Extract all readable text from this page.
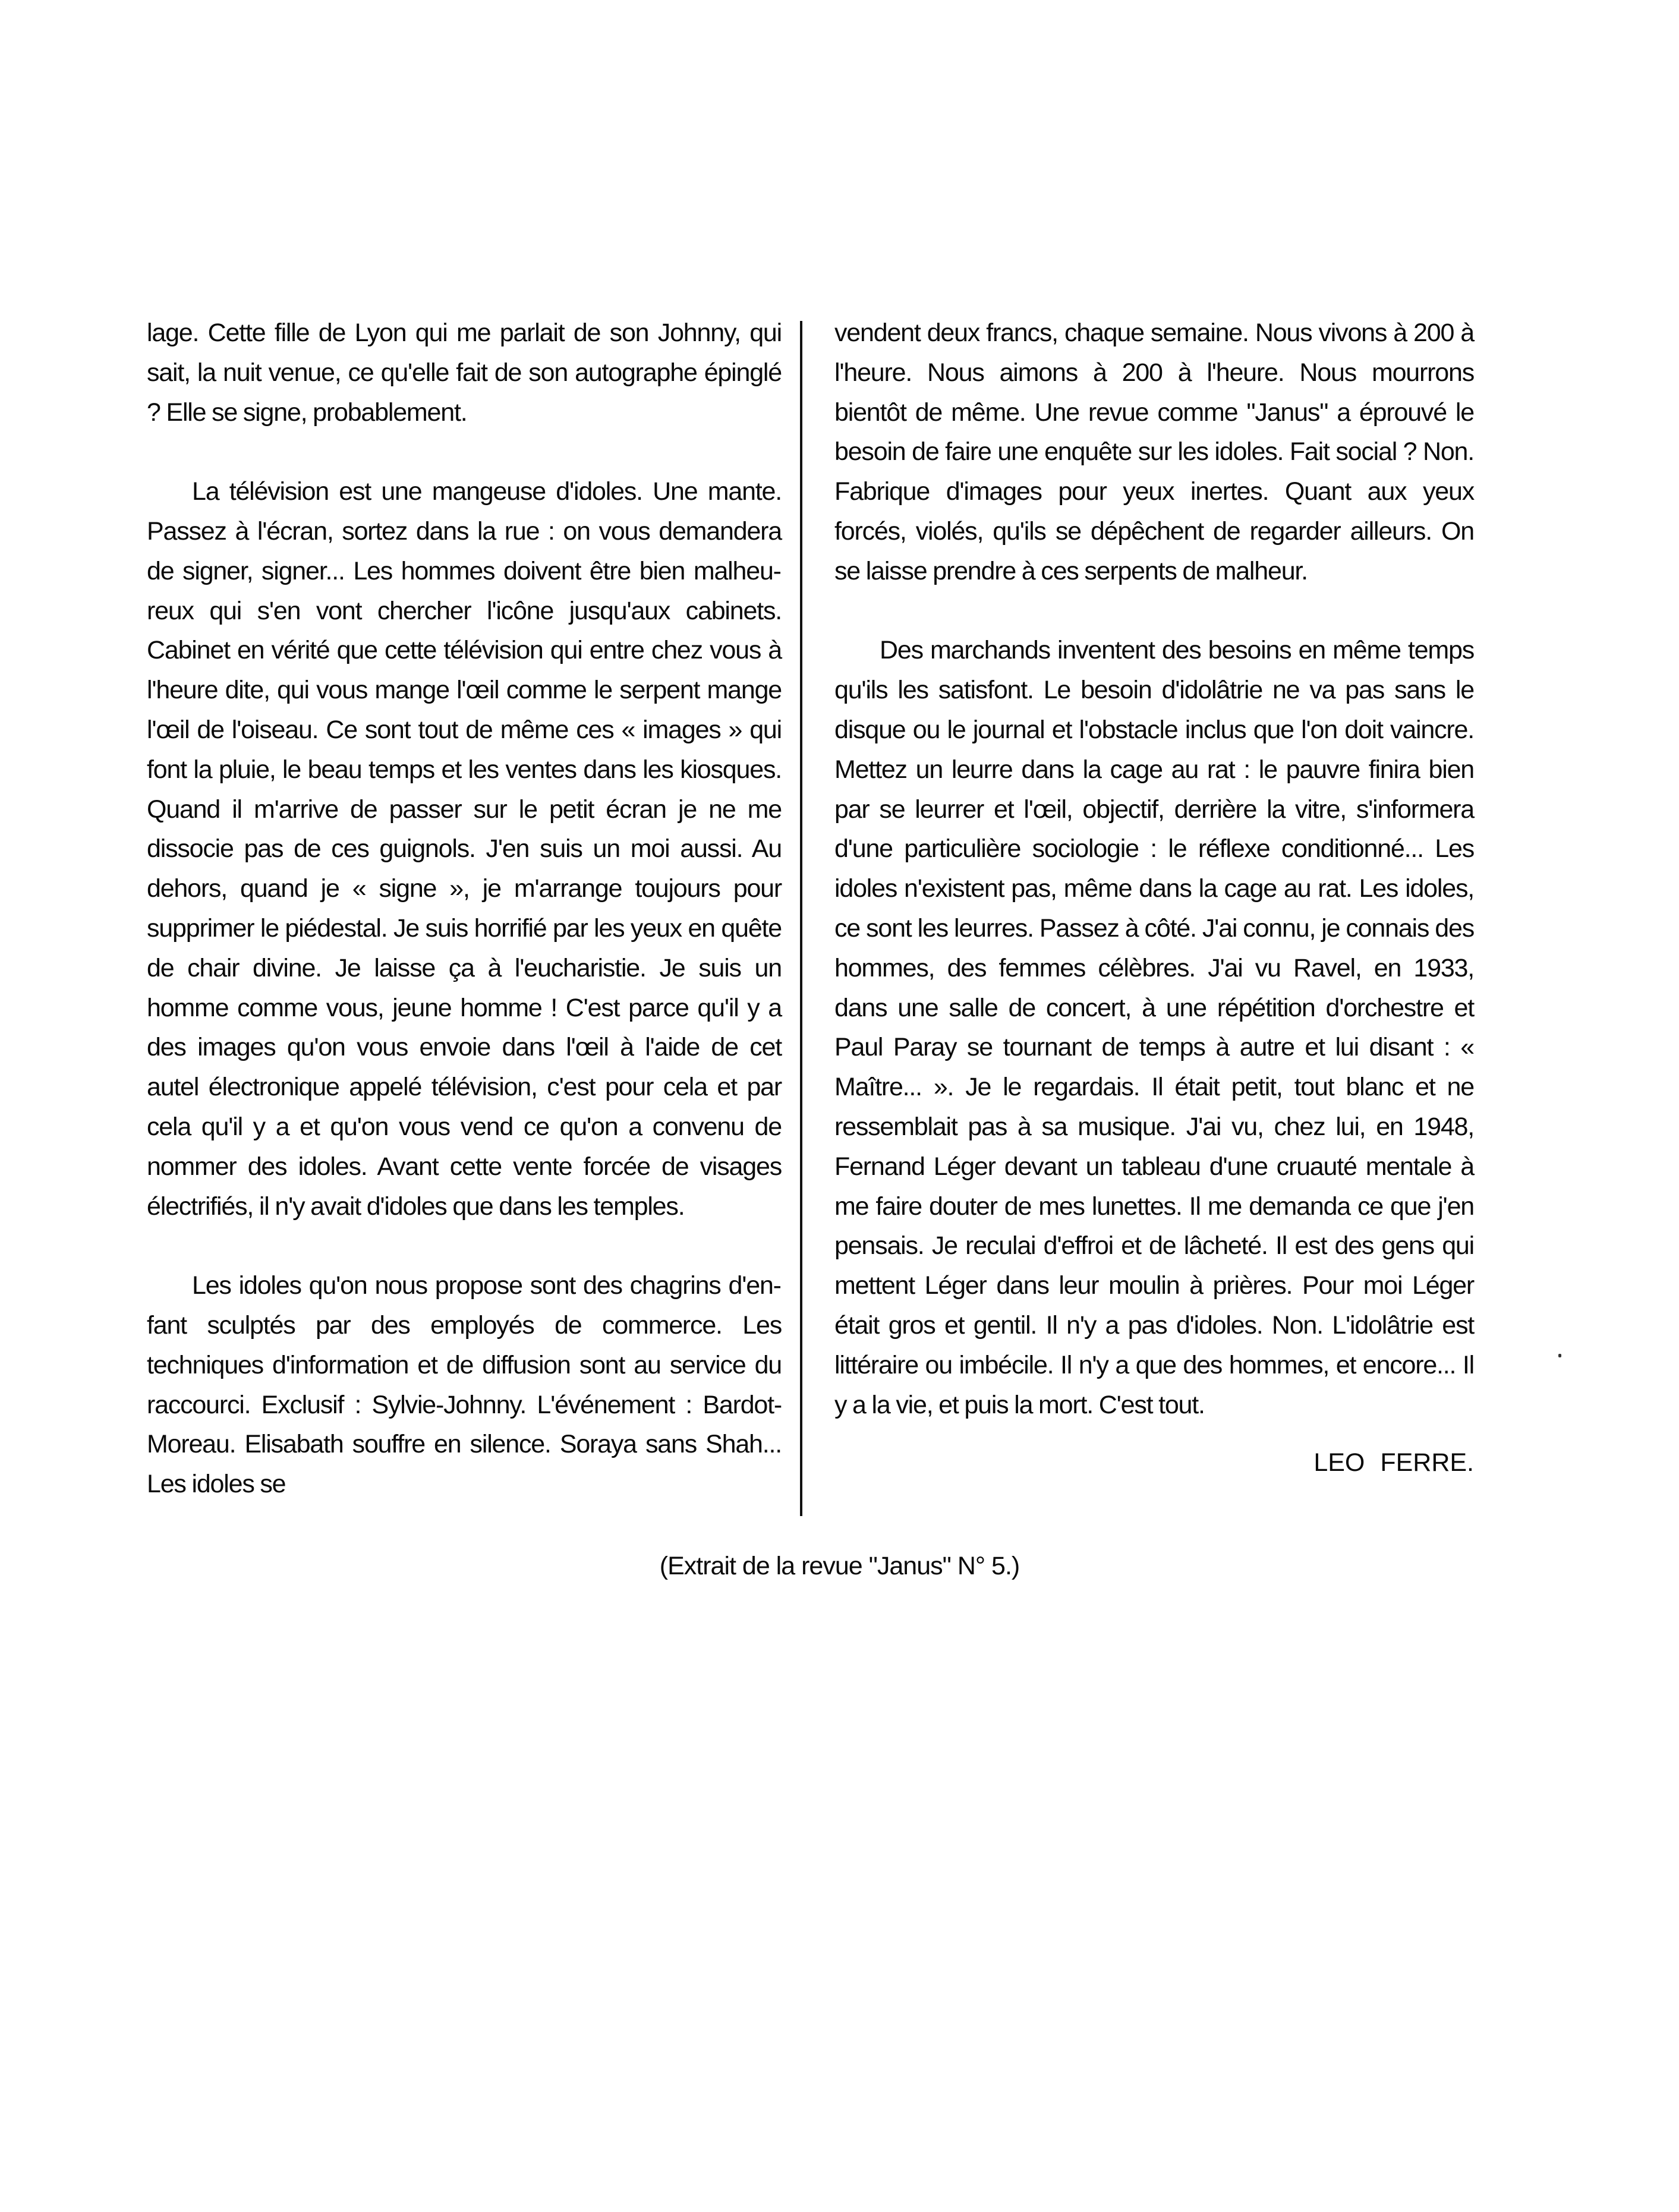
lage. Cette fille de Lyon qui me parlait de son Johnny, qui sait, la nuit venue, ce qu'elle fait de son autographe épinglé ? Elle se signe, probablement.

La télévision est une mangeuse d'idoles. Une mante. Passez à l'écran, sortez dans la rue : on vous demandera de signer, signer... Les hommes doivent être bien malheureux qui s'en vont chercher l'icône jusqu'aux cabinets. Cabinet en vérité que cette télévision qui entre chez vous à l'heure dite, qui vous mange l'œil comme le serpent mange l'œil de l'oiseau. Ce sont tout de même ces « images » qui font la pluie, le beau temps et les ventes dans les kiosques. Quand il m'arrive de passer sur le petit écran je ne me dissocie pas de ces guignols. J'en suis un moi aussi. Au dehors, quand je « signe », je m'arrange toujours pour supprimer le piédestal. Je suis horrifié par les yeux en quête de chair divine. Je laisse ça à l'eucharistie. Je suis un homme comme vous, jeune homme ! C'est parce qu'il y a des images qu'on vous envoie dans l'œil à l'aide de cet autel électronique appelé télévision, c'est pour cela et par cela qu'il y a et qu'on vous vend ce qu'on a convenu de nommer des idoles. Avant cette vente forcée de visages électrifiés, il n'y avait d'idoles que dans les temples.

Les idoles qu'on nous propose sont des chagrins d'enfant sculptés par des employés de commerce. Les techniques d'information et de diffusion sont au service du raccourci. Exclusif : Sylvie-Johnny. L'événement : Bardot-Moreau. Elisabath souffre en silence. Soraya sans Shah... Les idoles se

vendent deux francs, chaque semaine. Nous vivons à 200 à l'heure. Nous aimons à 200 à l'heure. Nous mourrons bientôt de même. Une revue comme "Janus" a éprouvé le besoin de faire une enquête sur les idoles. Fait social ? Non. Fabrique d'images pour yeux inertes. Quant aux yeux forcés, violés, qu'ils se dépêchent de regarder ailleurs. On se laisse prendre à ces serpents de malheur.

Des marchands inventent des besoins en même temps qu'ils les satisfont. Le besoin d'idolâtrie ne va pas sans le disque ou le journal et l'obstacle inclus que l'on doit vaincre. Mettez un leurre dans la cage au rat : le pauvre finira bien par se leurrer et l'œil, objectif, derrière la vitre, s'informera d'une particulière sociologie : le réflexe conditionné... Les idoles n'existent pas, même dans la cage au rat. Les idoles, ce sont les leurres. Passez à côté. J'ai connu, je connais des hommes, des femmes célèbres. J'ai vu Ravel, en 1933, dans une salle de concert, à une répétition d'orchestre et Paul Paray se tournant de temps à autre et lui disant : « Maître... ». Je le regardais. Il était petit, tout blanc et ne ressemblait pas à sa musique. J'ai vu, chez lui, en 1948, Fernand Léger devant un tableau d'une cruauté mentale à me faire douter de mes lunettes. Il me demanda ce que j'en pensais. Je reculai d'effroi et de lâcheté. Il est des gens qui mettent Léger dans leur moulin à prières. Pour moi Léger était gros et gentil. Il n'y a pas d'idoles. Non. L'idolâtrie est littéraire ou imbécile. Il n'y a que des hommes, et encore... Il y a la vie, et puis la mort. C'est tout.

LEO FERRE.
(Extrait de la revue "Janus" N° 5.)
